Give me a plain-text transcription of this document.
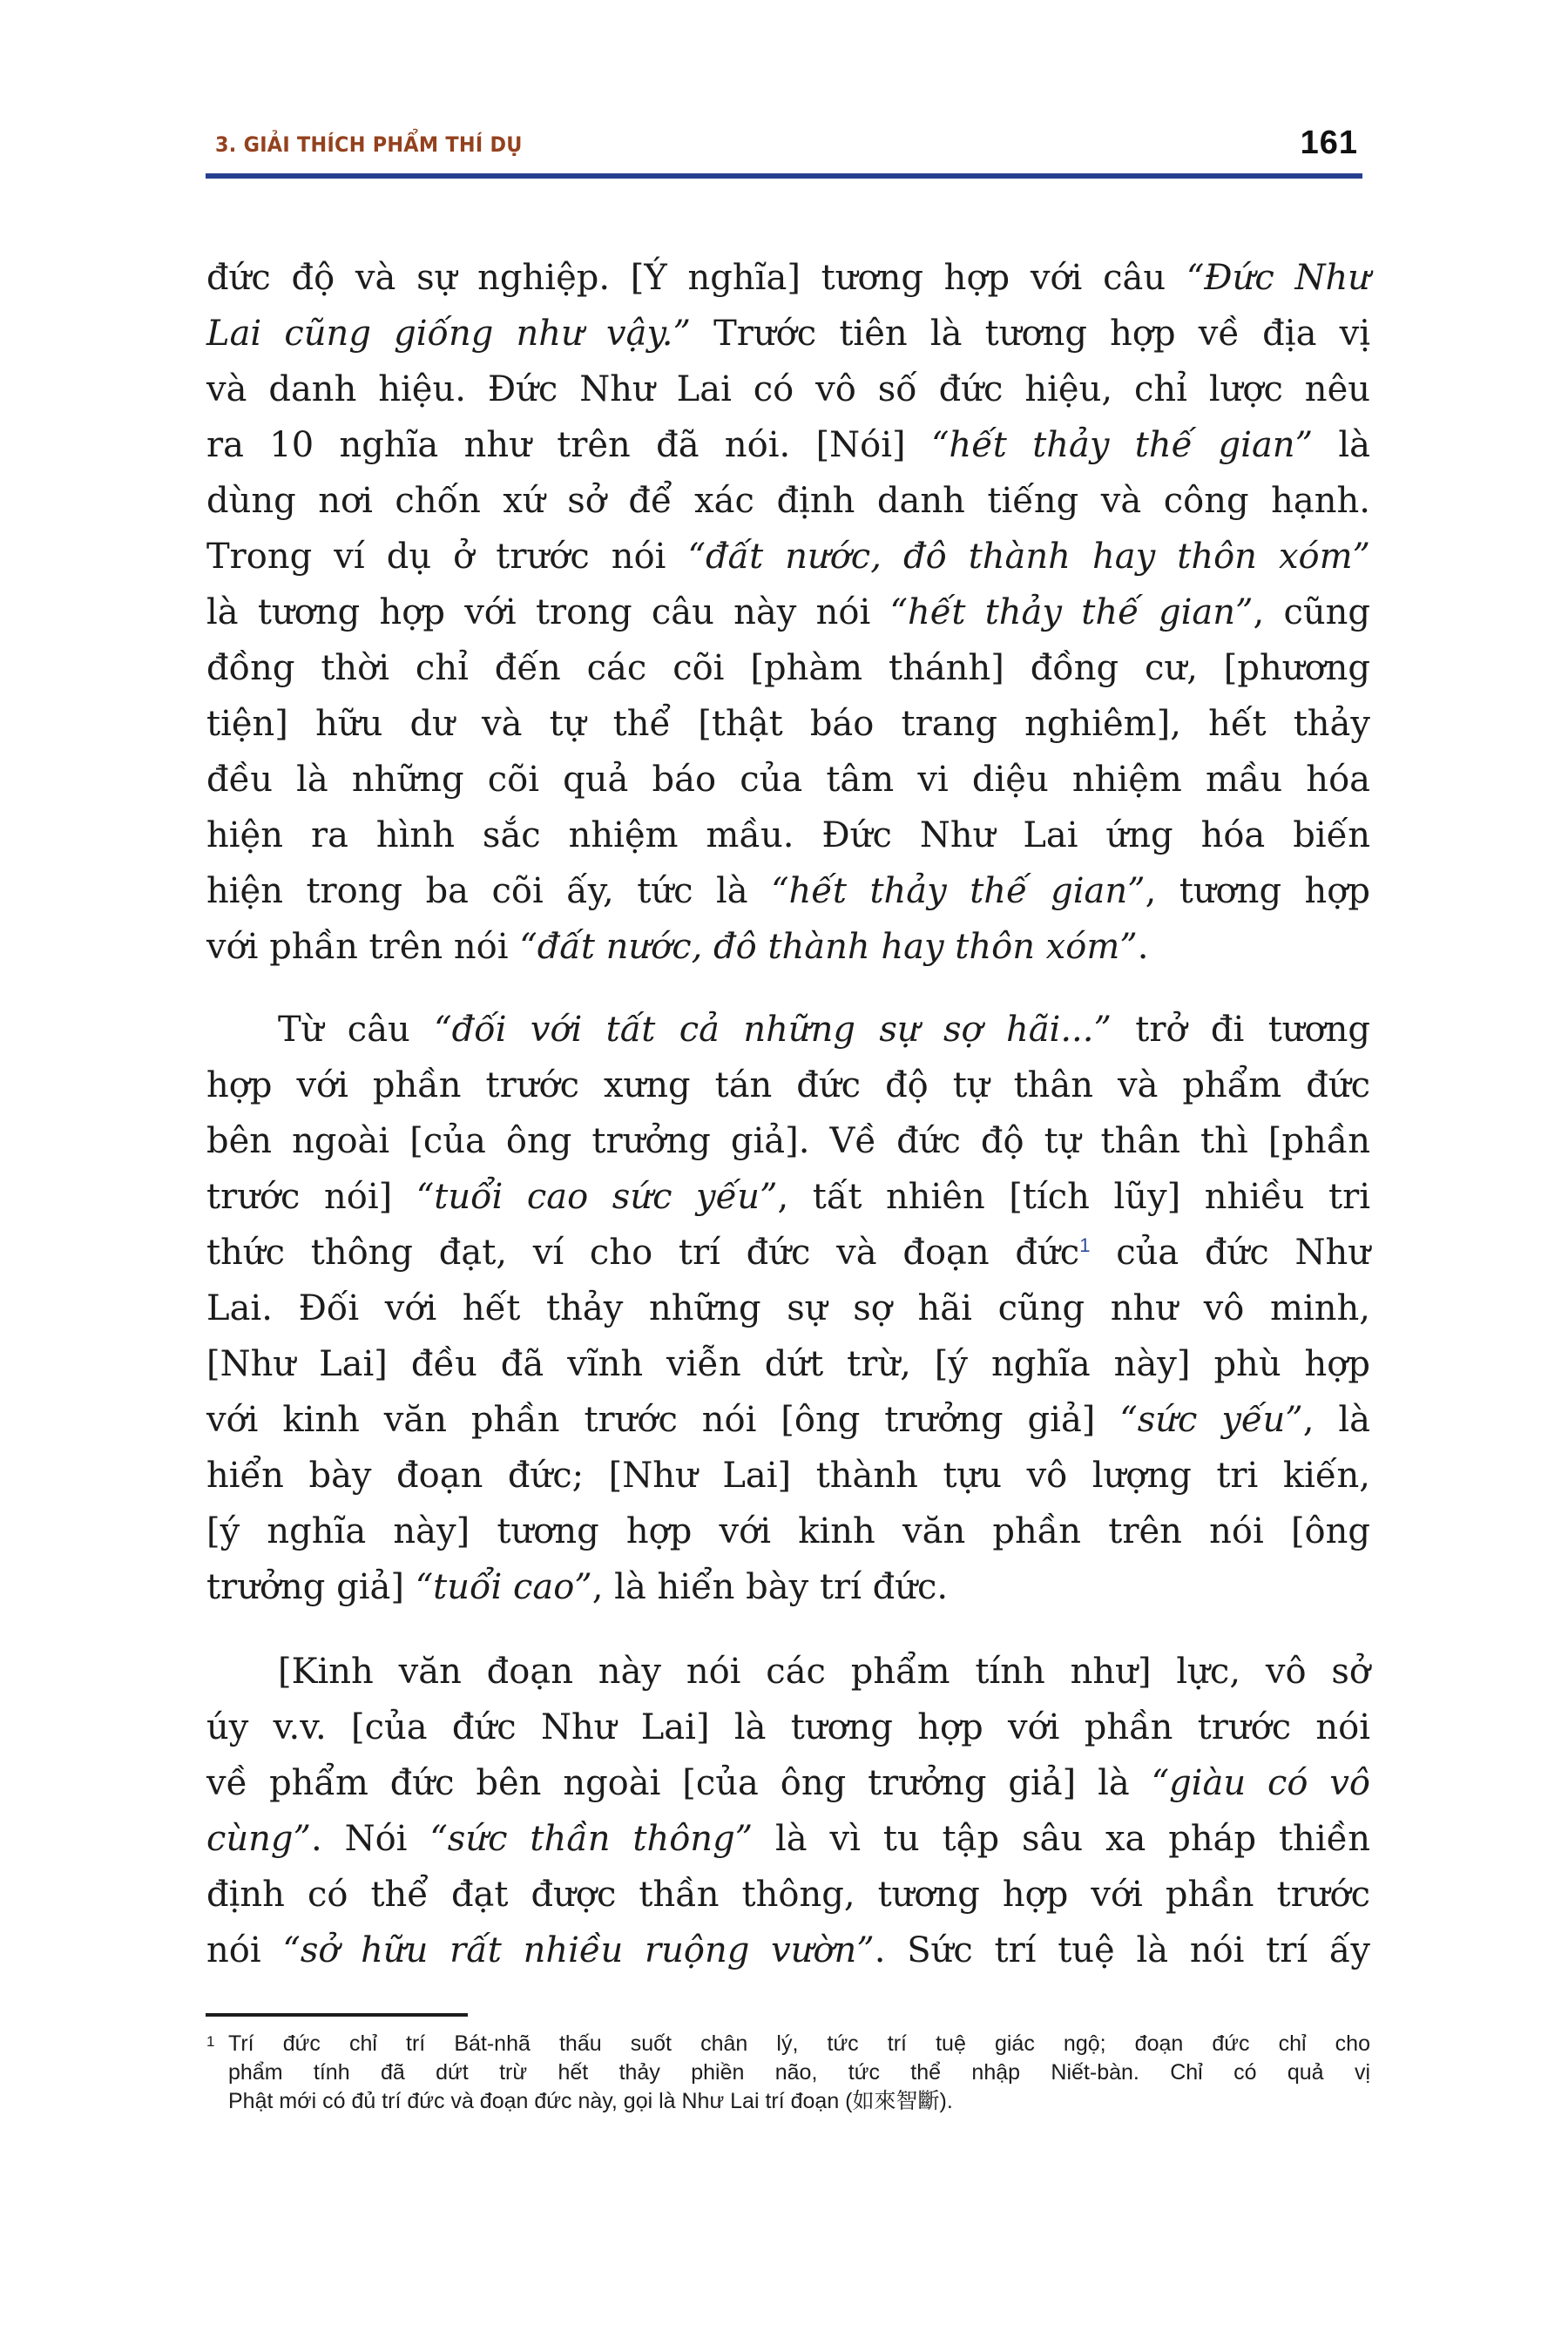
3. GIẢI THÍCH PHẨM THÍ DỤ	161
đức độ và sự nghiệp. [Ý nghĩa] tương hợp với câu “Đức Như
Lai cũng giống như vậy.” Trước tiên là tương hợp về địa vị
và danh hiệu. Đức Như Lai có vô số đức hiệu, chỉ lược nêu
ra 10 nghĩa như trên đã nói. [Nói] “hết thảy thế gian” là
dùng nơi chốn xứ sở để xác định danh tiếng và công hạnh.
Trong ví dụ ở trước nói “đất nước, đô thành hay thôn xóm”
là tương hợp với trong câu này nói “hết thảy thế gian”, cũng
đồng thời chỉ đến các cõi [phàm thánh] đồng cư, [phương
tiện] hữu dư và tự thể [thật báo trang nghiêm], hết thảy
đều là những cõi quả báo của tâm vi diệu nhiệm mầu hóa
hiện ra hình sắc nhiệm mầu. Đức Như Lai ứng hóa biến
hiện trong ba cõi ấy, tức là “hết thảy thế gian”, tương hợp
với phần trên nói “đất nước, đô thành hay thôn xóm”.
Từ câu “đối với tất cả những sự sợ hãi...” trở đi tương
hợp với phần trước xưng tán đức độ tự thân và phẩm đức
bên ngoài [của ông trưởng giả]. Về đức độ tự thân thì [phần
trước nói] “tuổi cao sức yếu”, tất nhiên [tích lũy] nhiều tri
thức thông đạt, ví cho trí đức và đoạn đức$^1$ của đức Như
Lai. Đối với hết thảy những sự sợ hãi cũng như vô minh,
[Như Lai] đều đã vĩnh viễn dứt trừ, [ý nghĩa này] phù hợp
với kinh văn phần trước nói [ông trưởng giả] “sức yếu”, là
hiển bày đoạn đức; [Như Lai] thành tựu vô lượng tri kiến,
[ý nghĩa này] tương hợp với kinh văn phần trên nói [ông
trưởng giả] “tuổi cao”, là hiển bày trí đức.
[Kinh văn đoạn này nói các phẩm tính như] lực, vô sở
úy v.v. [của đức Như Lai] là tương hợp với phần trước nói
về phẩm đức bên ngoài [của ông trưởng giả] là “giàu có vô
cùng”. Nói “sức thần thông” là vì tu tập sâu xa pháp thiền
định có thể đạt được thần thông, tương hợp với phần trước
nói “sở hữu rất nhiều ruộng vườn”. Sức trí tuệ là nói trí ấy
1 Trí đức chỉ trí Bát-nhã thấu suốt chân lý, tức trí tuệ giác ngộ; đoạn đức chỉ cho
phẩm tính đã dứt trừ hết thảy phiền não, tức thể nhập Niết-bàn. Chỉ có quả vị
Phật mới có đủ trí đức và đoạn đức này, gọi là Như Lai trí đoạn (如來智斷).
